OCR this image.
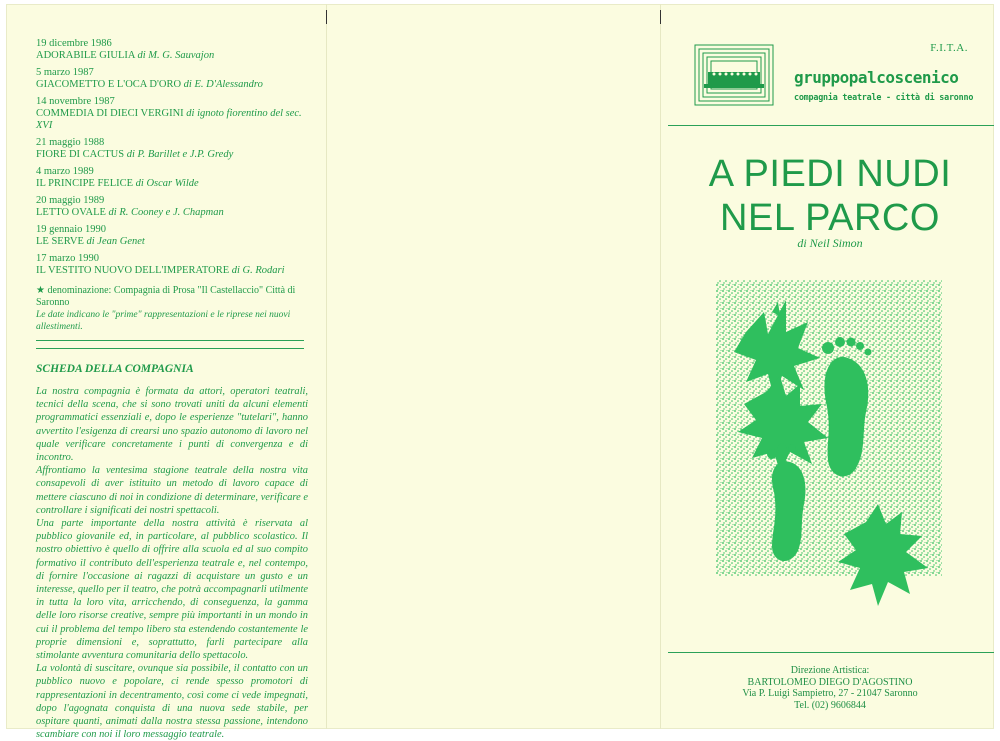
19 dicembre 1986
ADORABILE GIULIA di M. G. Sauvajon
5 marzo 1987
GIACOMETTO E L'OCA D'ORO di E. D'Alessandro
14 novembre 1987
COMMEDIA DI DIECI VERGINI di ignoto fiorentino del sec. XVI
21 maggio 1988
FIORE DI CACTUS di P. Barillet e J.P. Gredy
4 marzo 1989
IL PRINCIPE FELICE di Oscar Wilde
20 maggio 1989
LETTO OVALE di R. Cooney e J. Chapman
19 gennaio 1990
LE SERVE di Jean Genet
17 marzo 1990
IL VESTITO NUOVO DELL'IMPERATORE di G. Rodari
★ denominazione: Compagnia di Prosa "Il Castellaccio" Città di Saronno
Le date indicano le "prime" rappresentazioni e le riprese nei nuovi allestimenti.
SCHEDA DELLA COMPAGNIA

La nostra compagnia è formata da attori, operatori teatrali, tecnici della scena, che si sono trovati uniti da alcuni elementi programmatici essenziali e, dopo le esperienze "tutelari", hanno avvertito l'esigenza di crearsi uno spazio autonomo di lavoro nel quale verificare concretamente i punti di convergenza e di incontro.

Affrontiamo la ventesima stagione teatrale della nostra vita consapevoli di aver istituito un metodo di lavoro capace di mettere ciascuno di noi in condizione di determinare, verificare e controllare i significati dei nostri spettacoli.

Una parte importante della nostra attività è riservata al pubblico giovanile ed, in particolare, al pubblico scolastico. Il nostro obiettivo è quello di offrire alla scuola ed al suo compito formativo il contributo dell'esperienza teatrale e, nel contempo, di fornire l'occasione ai ragazzi di acquistare un gusto e un interesse, quello per il teatro, che potrà accompagnarli utilmente in tutta la loro vita, arricchendo, di conseguenza, la gamma delle loro risorse creative, sempre più importanti in un mondo in cui il problema del tempo libero sta estendendo costantemente le proprie dimensioni e, soprattutto, farli partecipare alla stimolante avventura comunitaria dello spettacolo.

La volontà di suscitare, ovunque sia possibile, il contatto con un pubblico nuovo e popolare, ci rende spesso promotori di rappresentazioni in decentramento, così come ci vede impegnati, dopo l'agognata conquista di una nuova sede stabile, per ospitare quanti, animati dalla nostra stessa passione, intendono scambiare con noi il loro messaggio teatrale.

F.I.T.A.
gruppopalcoscenico
compagnia teatrale - città di saronno
A PIEDI NUDI
NEL PARCO
di Neil Simon
Direzione Artistica:
BARTOLOMEO DIEGO D'AGOSTINO
Via P. Luigi Sampietro, 27 - 21047 Saronno
Tel. (02) 9606844
